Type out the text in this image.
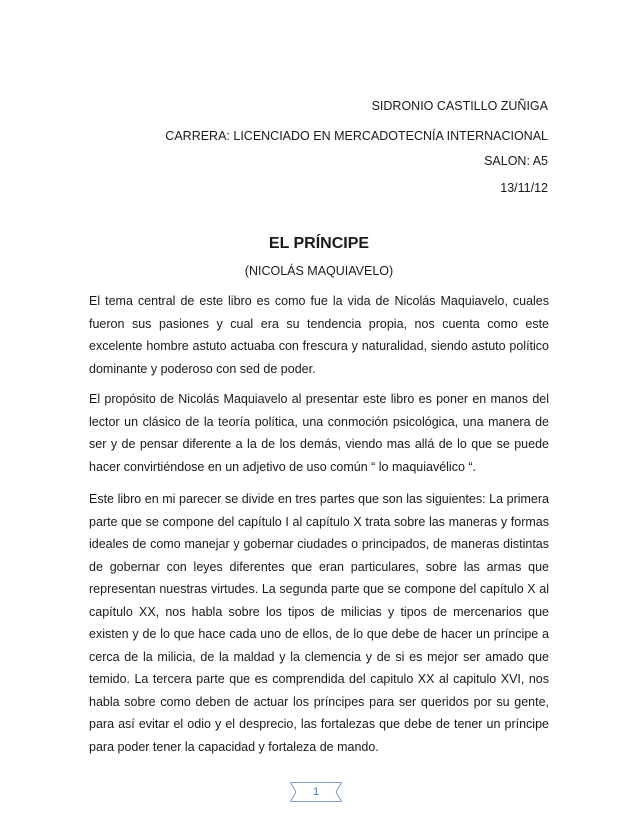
SIDRONIO CASTILLO ZUÑIGA
CARRERA: LICENCIADO EN MERCADOTECNÍA INTERNACIONAL
SALON: A5
13/11/12
EL PRÍNCIPE
(NICOLÁS MAQUIAVELO)

El tema central de este libro es como fue la vida de Nicolás Maquiavelo, cuales fueron sus pasiones y cual era su tendencia propia, nos cuenta como este excelente hombre astuto actuaba con frescura y naturalidad, siendo astuto político dominante y poderoso con sed de poder.

El propósito de Nicolás Maquiavelo al presentar este libro es poner en manos del lector un clásico de la teoría política, una conmoción psicológica, una manera de ser y de pensar diferente a la de los demás, viendo mas allá de lo que se puede hacer convirtiéndose en un adjetivo de uso común “ lo maquiavélico “.

Este libro en mi parecer se divide en tres partes que son las siguientes: La primera parte que se compone del capítulo I al capítulo X trata sobre las maneras y formas ideales de como manejar y gobernar ciudades o principados, de maneras distintas de gobernar con leyes diferentes que eran particulares, sobre las armas que representan nuestras virtudes. La segunda parte que se compone del capítulo X al capítulo XX, nos habla sobre los tipos de milicias y tipos de mercenarios que existen y de lo que hace cada uno de ellos, de lo que debe de hacer un príncipe a cerca de la milicia, de la maldad y la clemencia y de si es mejor ser amado que temido. La tercera parte que es comprendida del capitulo XX al capitulo XVI, nos habla sobre como deben de actuar los príncipes para ser queridos por su gente, para así evitar el odio y el desprecio, las fortalezas que debe de tener un príncipe para poder tener la capacidad y fortaleza de mando.

1
